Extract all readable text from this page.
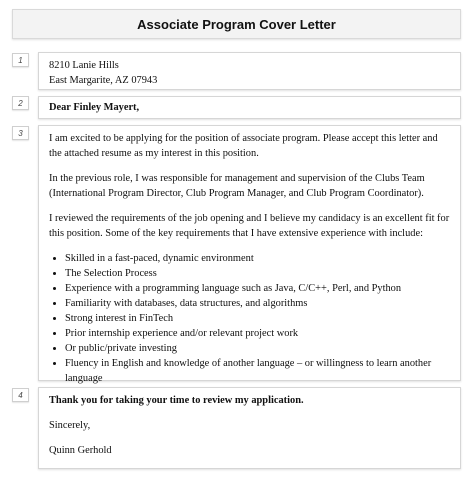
Associate Program Cover Letter
1	8210 Lanie Hills

East Margarite, AZ 07943

2	Dear Finley Mayert,

3	I am excited to be applying for the position of associate program. Please accept this letter and the attached resume as my interest in this position.

In the previous role, I was responsible for management and supervision of the Clubs Team (International Program Director, Club Program Manager, and Club Program Coordinator).

I reviewed the requirements of the job opening and I believe my candidacy is an excellent fit for this position. Some of the key requirements that I have extensive experience with include:

• Skilled in a fast-paced, dynamic environment
• The Selection Process
• Experience with a programming language such as Java, C/C++, Perl, and Python
• Familiarity with databases, data structures, and algorithms
• Strong interest in FinTech
• Prior internship experience and/or relevant project work
• Or public/private investing
• Fluency in English and knowledge of another language – or willingness to learn another language
4	Thank you for taking your time to review my application.

Sincerely,

Quinn Gerhold
